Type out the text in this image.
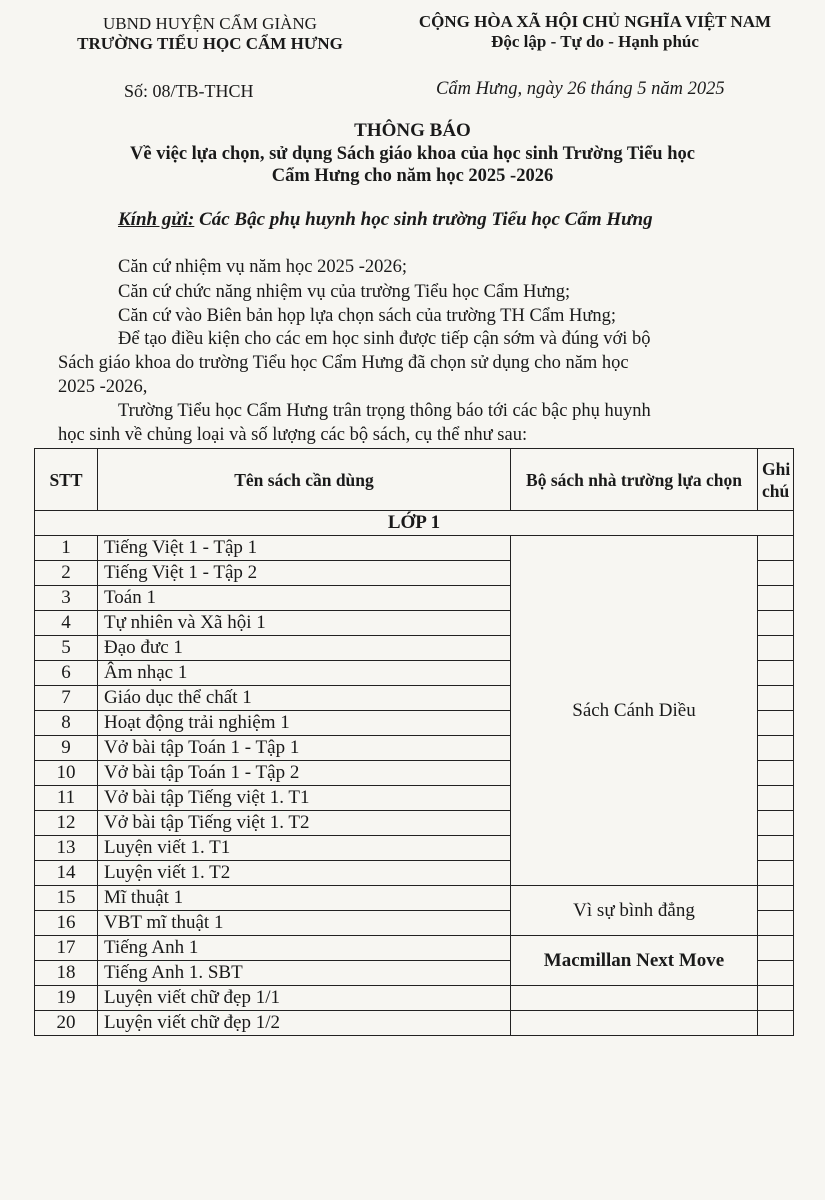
UBND HUYỆN CẨM GIÀNG
TRƯỜNG TIỂU HỌC CẨM HƯNG
Số: 08/TB-THCH
CỘNG HÒA XÃ HỘI CHỦ NGHĨA VIỆT NAM
Độc lập - Tự do - Hạnh phúc
Cẩm Hưng, ngày 26 tháng 5 năm 2025
THÔNG BÁO
Về việc lựa chọn, sử dụng Sách giáo khoa của học sinh Trường Tiểu học
Cẩm Hưng cho năm học 2025 -2026
Kính gửi: Các Bậc phụ huynh học sinh trường Tiểu học Cẩm Hưng
Căn cứ nhiệm vụ năm học 2025 -2026;
Căn cứ chức năng nhiệm vụ của trường Tiểu học Cẩm Hưng;
Căn cứ vào Biên bản họp lựa chọn sách của trường TH Cẩm Hưng;
Để tạo điều kiện cho các em học sinh được tiếp cận sớm và đúng với bộ
Sách giáo khoa do trường Tiểu học Cẩm Hưng đã chọn sử dụng cho năm học
2025 -2026,
Trường Tiểu học Cẩm Hưng trân trọng thông báo tới các bậc phụ huynh
học sinh về chủng loại và số lượng các bộ sách, cụ thể như sau:
STT	Tên sách cần dùng	Bộ sách nhà trường lựa chọn	Ghi chú
LỚP 1			
1	Tiếng Việt 1 - Tập 1	Sách Cánh Diều	
2	Tiếng Việt 1 - Tập 2		
3	Toán 1		
4	Tự nhiên và Xã hội 1		
5	Đạo đưc 1		
6	Âm nhạc 1		
7	Giáo dục thể chất 1		
8	Hoạt động trải nghiệm 1		
9	Vở bài tập Toán 1 - Tập 1		
10	Vở bài tập Toán 1 - Tập 2		
11	Vở bài tập Tiếng việt 1. T1		
12	Vở bài tập Tiếng việt 1. T2		
13	Luyện viết 1. T1		
14	Luyện viết 1. T2		
15	Mĩ thuật 1	Vì sự bình đẳng	
16	VBT mĩ thuật 1		
17	Tiếng Anh 1	Macmillan Next Move	
18	Tiếng Anh 1. SBT		
19	Luyện viết chữ đẹp 1/1		
20	Luyện viết chữ đẹp 1/2		
